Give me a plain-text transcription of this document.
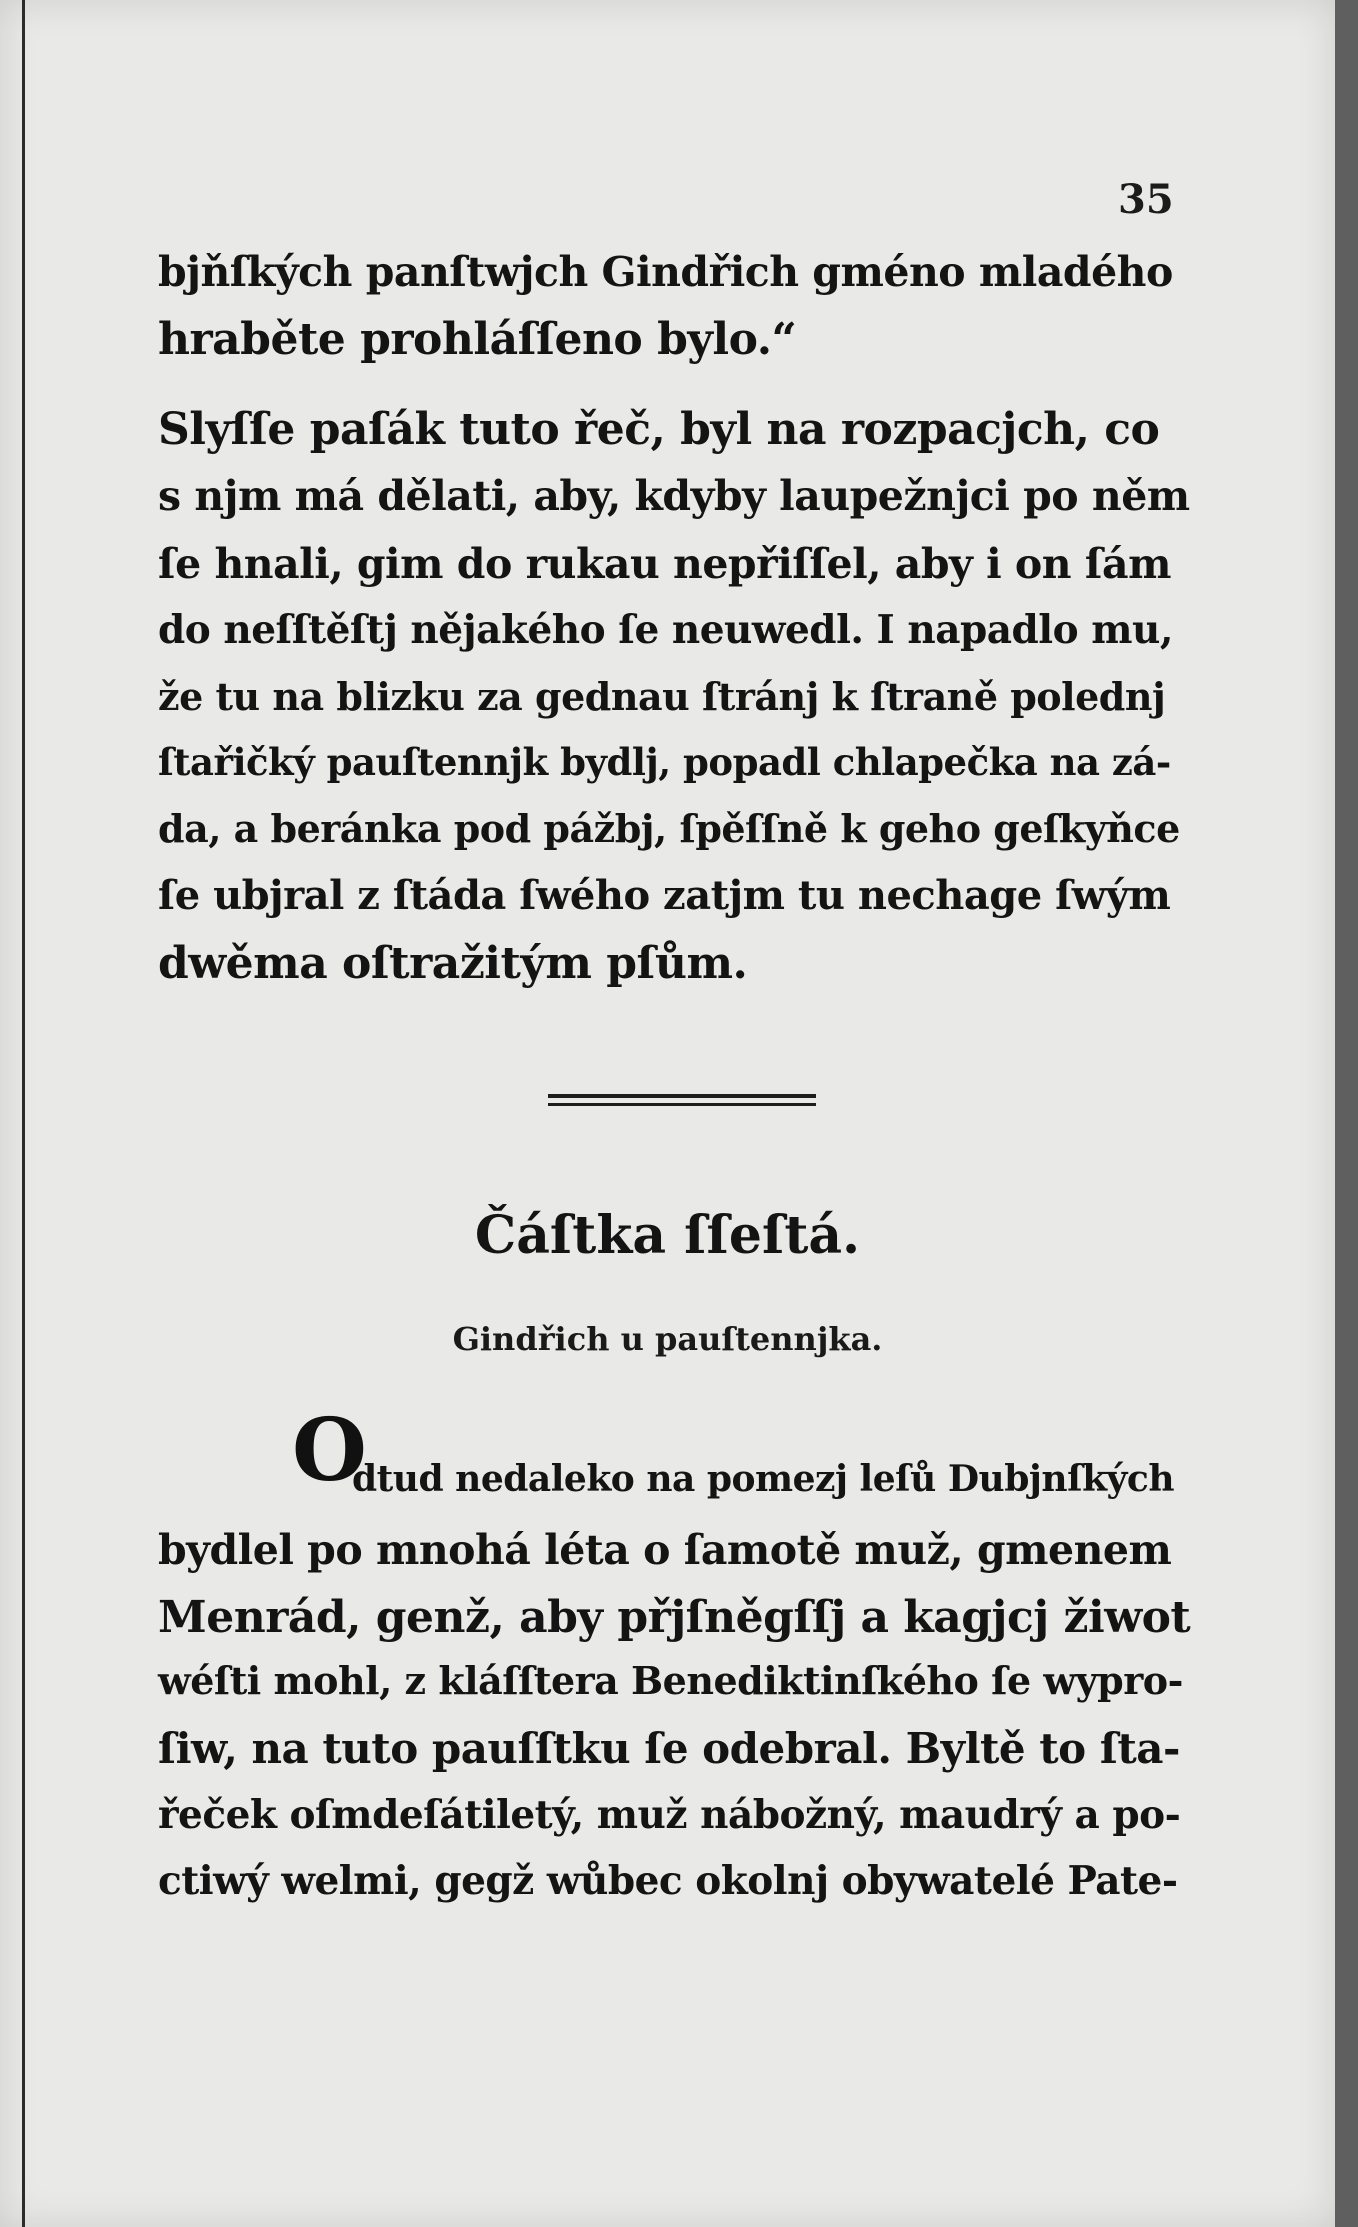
35
bjňſkých panſtwjch Gindřich gméno mladého
hraběte prohláſſeno bylo.“
Slyſſe paſák tuto řeč, byl na rozpacjch, co
s njm má dělati, aby, kdyby laupežnjci po něm
ſe hnali, gim do rukau nepřiſſel, aby i on ſám
do neſſtěſtj nějakého ſe neuwedl. I napadlo mu,
že tu na blizku za gednau ſtránj k ſtraně polednj
ſtařičký pauſtennjk bydlj, popadl chlapečka na zá-
da, a beránka pod pážbj, ſpěſſně k geho geſkyňce
ſe ubjral z ſtáda ſwého zatjm tu nechage ſwým
dwěma oſtražitým pſům.
Čáſtka ſſeſtá.
Gindřich u pauſtennjka.
O
dtud nedaleko na pomezj leſů Dubjnſkých
bydlel po mnohá léta o ſamotě muž, gmenem
Menrád, genž, aby přjſněgſſj a kagjcj žiwot
wéſti mohl, z kláſſtera Benediktinſkého ſe wypro-
ſiw, na tuto pauſſtku ſe odebral. Byltě to ſta-
řeček oſmdeſátiletý, muž nábožný, maudrý a po-
ctiwý welmi, gegž wůbec okolnj obywatelé Pate-
